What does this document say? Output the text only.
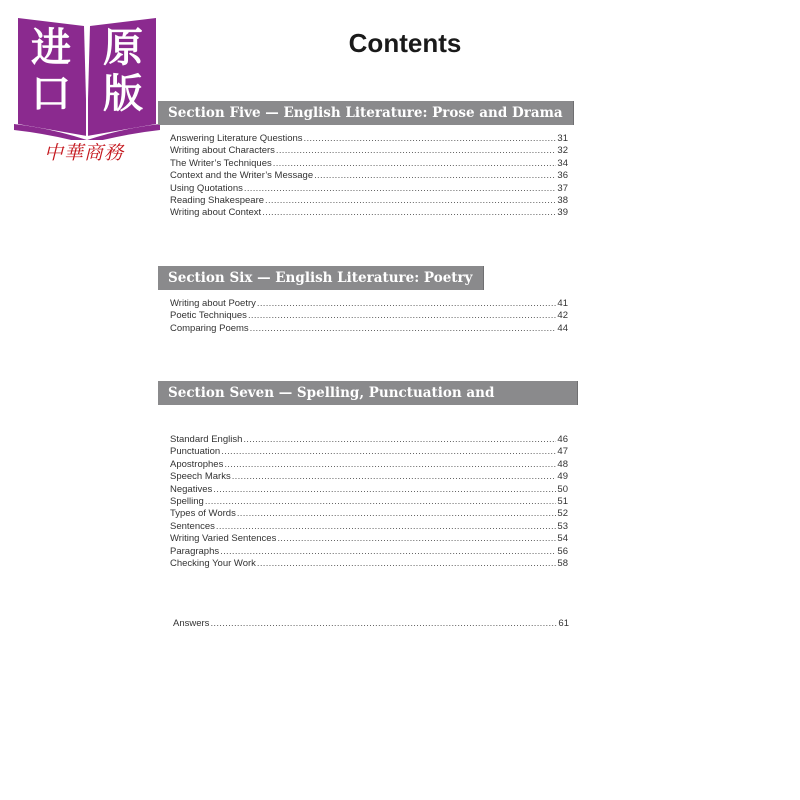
进 原
口 版
中華商務
Contents
Section Five — English Literature: Prose and Drama
Answering Literature Questions .....	31
Writing about Characters .....	32
The Writer’s Techniques .....	34
Context and the Writer’s Message .....	36
Using Quotations .....	37
Reading Shakespeare .....	38
Writing about Context .....	39
Section Six — English Literature: Poetry
Writing about Poetry .....	41
Poetic Techniques .....	42
Comparing Poems .....	44
Section Seven — Spelling, Punctuation and Grammar
Standard English .....	46
Punctuation .....	47
Apostrophes .....	48
Speech Marks .....	49
Negatives .....	50
Spelling .....	51
Types of Words .....	52
Sentences .....	53
Writing Varied Sentences .....	54
Paragraphs .....	56
Checking Your Work .....	58
Answers .....	61
